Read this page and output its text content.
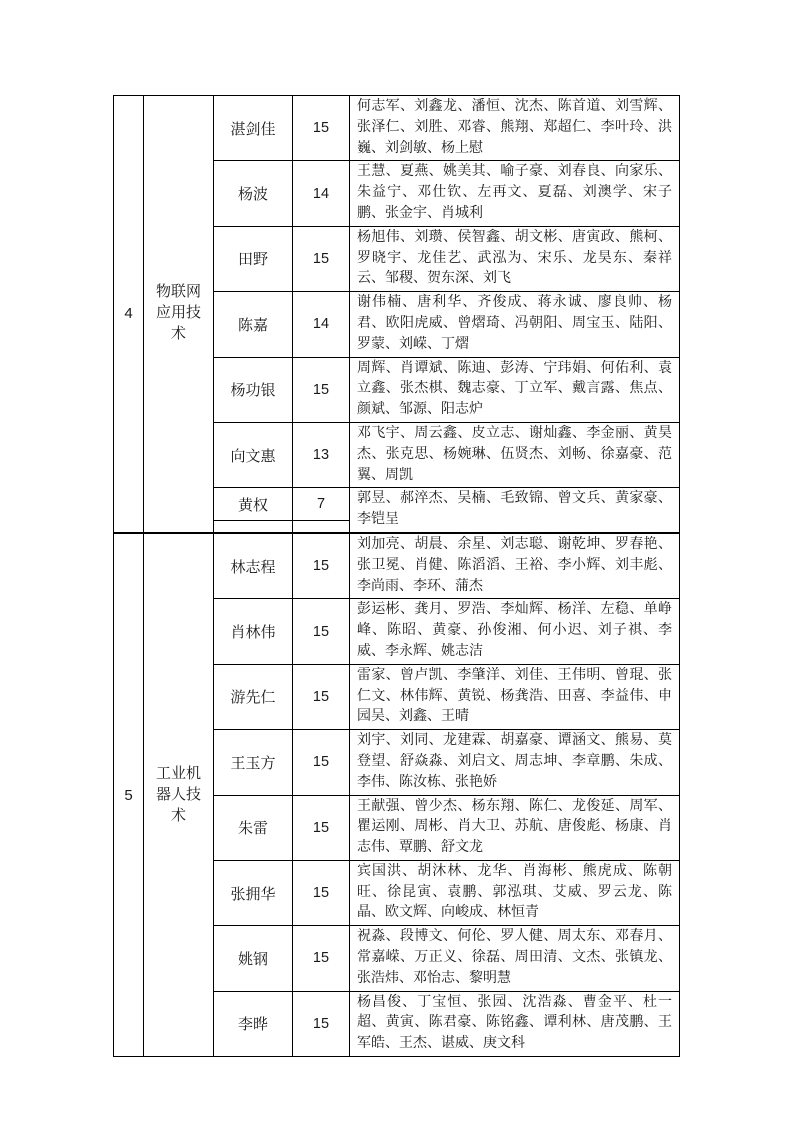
4	物联网应用技术	湛剑佳	15	何志军、刘鑫龙、潘恒、沈杰、陈首道、刘雪辉、张泽仁、刘胜、邓睿、熊翔、郑超仁、李叶玲、洪巍、刘剑敏、杨上慰
		杨波	14	王慧、夏燕、姚美其、喻子豪、刘春良、向家乐、朱益宁、邓仕钦、左再文、夏磊、刘澳学、宋子鹏、张金宇、肖城利
		田野	15	杨旭伟、刘瓒、侯智鑫、胡文彬、唐寅政、熊柯、罗晓宇、龙佳艺、武泓为、宋乐、龙昊东、秦祥云、邹稷、贺东深、刘飞
		陈嘉	14	谢伟楠、唐利华、齐俊成、蒋永诚、廖良帅、杨君、欧阳虎威、曾熠琦、冯朝阳、周宝玉、陆阳、罗蒙、刘嵘、丁熠
		杨功银	15	周辉、肖谭斌、陈迪、彭涛、宁玮娟、何佑利、袁立鑫、张杰棋、魏志豪、丁立军、戴言露、焦点、颜斌、邹源、阳志炉
		向文惠	13	邓飞宇、周云鑫、皮立志、谢灿鑫、李金丽、黄昊杰、张克思、杨婉琳、伍贤杰、刘畅、徐嘉豪、范翼、周凯
		黄权	7	郭昱、郝淬杰、吴楠、毛致锦、曾文兵、黄家豪、李铠呈

5	工业机器人技术	林志程	15	刘加亮、胡晨、余星、刘志聪、谢乾坤、罗春艳、张卫冕、肖健、陈滔滔、王裕、李小辉、刘丰彪、李尚雨、李环、蒲杰
		肖林伟	15	彭运彬、龚月、罗浩、李灿辉、杨洋、左稳、单峥峰、陈昭、黄豪、孙俊湘、何小迟、刘子祺、李威、李永辉、姚志洁
		游先仁	15	雷家、曾卢凯、李肇洋、刘佳、王伟明、曾琨、张仁文、林伟辉、黄锐、杨龚浩、田喜、李益伟、申园吴、刘鑫、王晴
		王玉方	15	刘宇、刘同、龙建霖、胡嘉豪、谭涵文、熊易、莫登望、舒焱淼、刘启文、周志坤、李章鹏、朱成、李伟、陈汝栋、张艳娇
		朱雷	15	王献强、曾少杰、杨东翔、陈仁、龙俊延、周军、瞿运刚、周彬、肖大卫、苏航、唐俊彪、杨康、肖志伟、覃鹏、舒文龙
		张拥华	15	宾国洪、胡沐林、龙华、肖海彬、熊虎成、陈朝旺、徐昆寅、袁鹏、郭泓琪、艾威、罗云龙、陈晶、欧文辉、向峻成、林恒青
		姚钢	15	祝淼、段博文、何伦、罗人健、周太东、邓春月、常嘉嵘、万正义、徐磊、周田清、文杰、张镇龙、张浩炜、邓怡志、黎明慧
		李晔	15	杨昌俊、丁宝恒、张园、沈浩淼、曹金平、杜一超、黄寅、陈君豪、陈铭鑫、谭利林、唐茂鹏、王军皓、王杰、谌威、庚文科
